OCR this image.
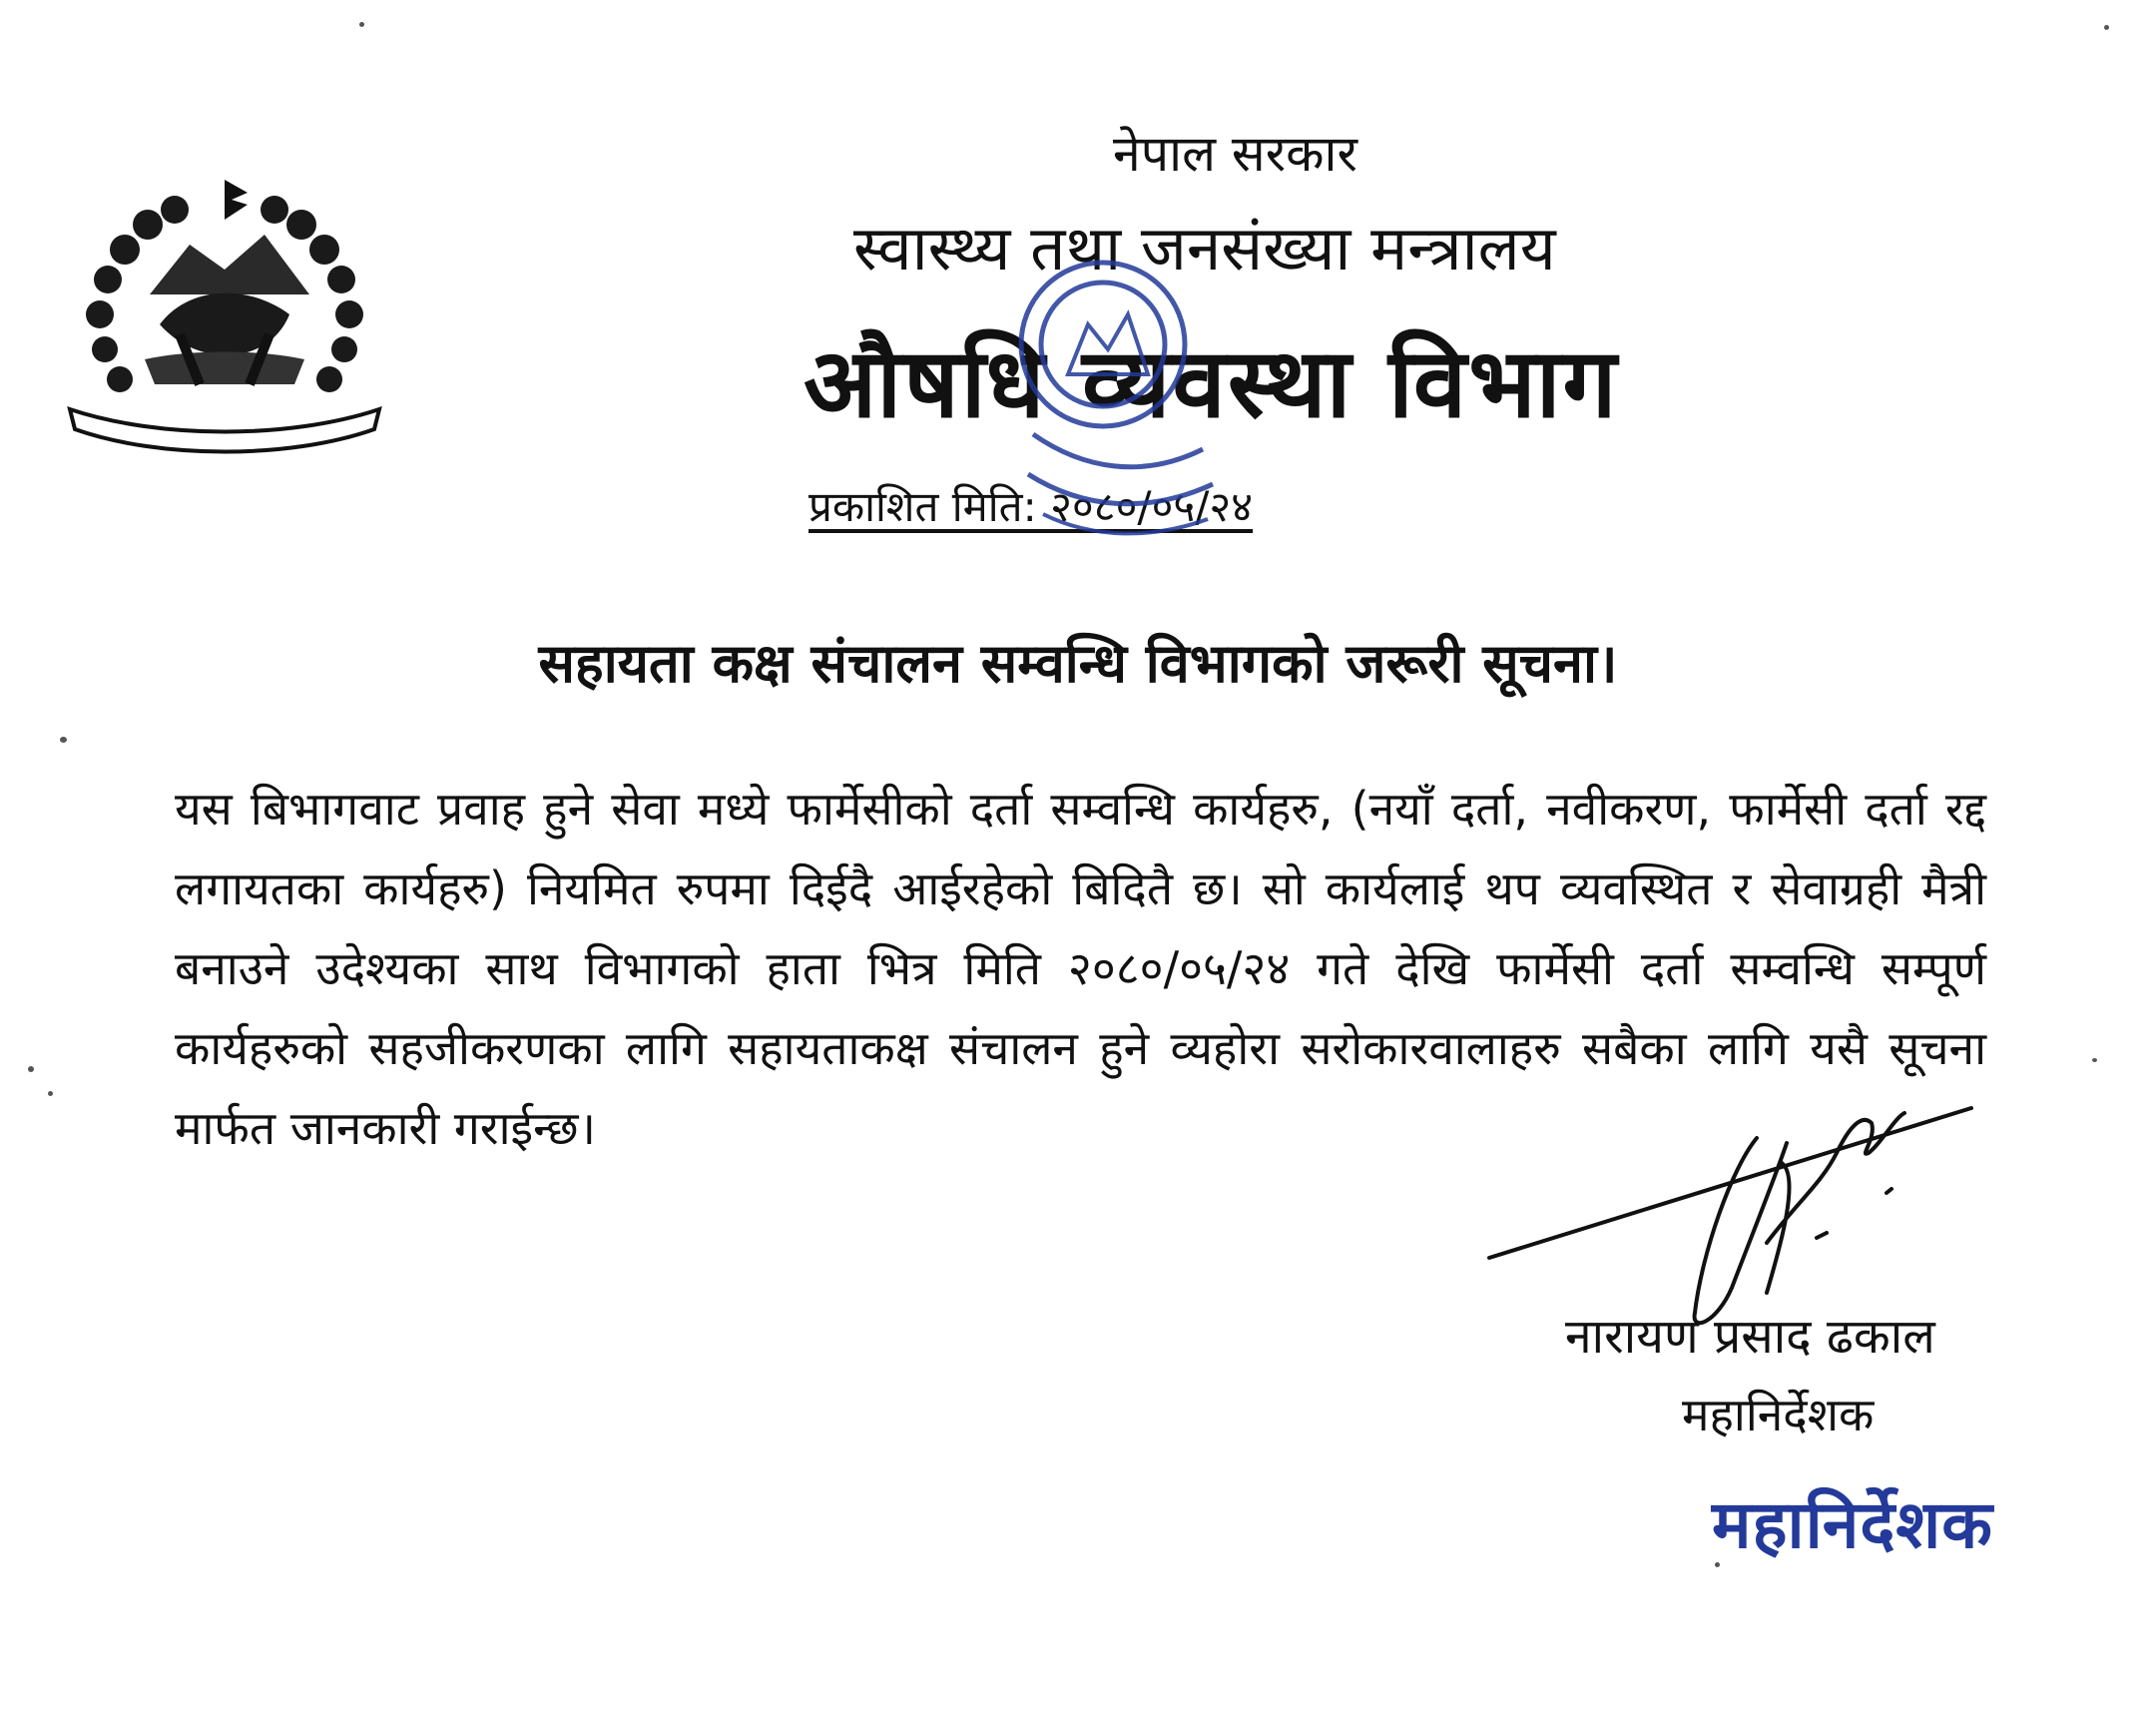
नेपाल सरकार
स्वास्थ्य तथा जनसंख्या मन्त्रालय
औषधि व्यवस्था विभाग
प्रकाशित मिति: २०८०/०५/२४
सहायता कक्ष संचालन सम्वन्धि विभागको जरूरी सूचना।
यस बिभागवाट प्रवाह हुने सेवा मध्ये फार्मेसीको दर्ता सम्वन्धि कार्यहरु, (नयाँ दर्ता, नवीकरण, फार्मेसी दर्ता रद्द लगायतका कार्यहरु) नियमित रुपमा दिईदै आईरहेको बिदितै छ। सो कार्यलाई थप व्यवस्थित र सेवाग्रही मैत्री बनाउने उदेश्यका साथ विभागको हाता भित्र मिति २०८०/०५/२४ गते देखि फार्मेसी दर्ता सम्वन्धि सम्पूर्ण कार्यहरुको सहजीकरणका लागि सहायताकक्ष संचालन हुने व्यहोरा सरोकारवालाहरु सबैका लागि यसै सूचना मार्फत जानकारी गराईन्छ।
नारायण प्रसाद ढकाल
महानिर्देशक
महानिर्देशक
